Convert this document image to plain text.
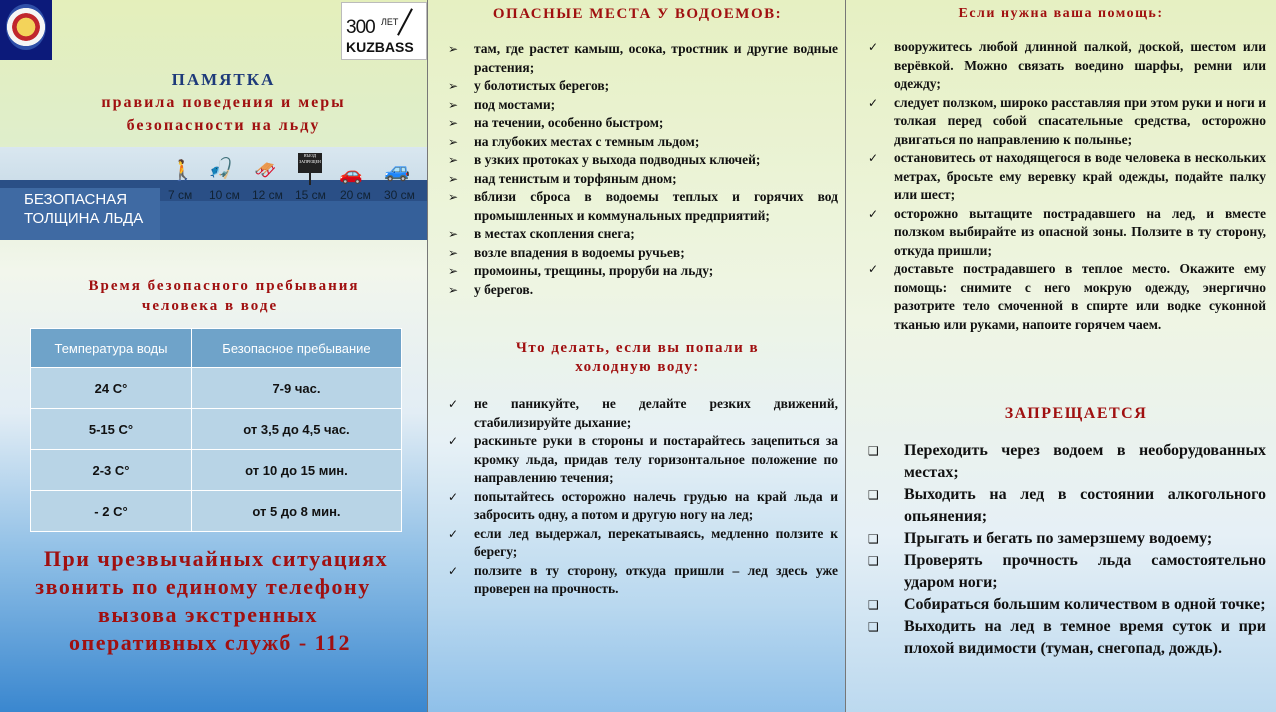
300 ЛЕТ
KUZBASS
ПАМЯТКА
правила поведения и меры
безопасности на льду
БЕЗОПАСНАЯ
ТОЛЩИНА ЛЬДА
🚶 🎣 🛷
ВЪЕЗД ЗАПРЕЩЕН
🚗 🚙
7 см 10 см 12 см 15 см 20 см 30 см
Время безопасного пребывания
человека в воде
Температура воды	Безопасное пребывание
24 C°	7-9 час.
5-15 C°	от 3,5 до 4,5 час.
2-3 C°	от 10 до 15 мин.
- 2 C°	от 5 до 8 мин.
При чрезвычайных ситуациях
звонить по единому телефону
вызова экстренных
оперативных служб - 112
ОПАСНЫЕ МЕСТА У ВОДОЕМОВ:
➢ там, где растет камыш, осока, тростник и другие водные растения;
➢ у болотистых берегов;
➢ под мостами;
➢ на течении, особенно быстром;
➢ на глубоких местах с темным льдом;
➢ в узких протоках у выхода подводных ключей;
➢ над тенистым и торфяным дном;
➢ вблизи сброса в водоемы теплых и горячих вод промышленных и коммунальных предприятий;
➢ в местах скопления снега;
➢ возле впадения в водоемы ручьев;
➢ промоины, трещины, проруби на льду;
➢ у берегов.
Что делать, если вы попали в
холодную воду:
✓ не паникуйте, не делайте резких движений, стабилизируйте дыхание;
✓ раскиньте руки в стороны и постарайтесь зацепиться за кромку льда, придав телу горизонтальное положение по направлению течения;
✓ попытайтесь осторожно налечь грудью на край льда и забросить одну, а потом и другую ногу на лед;
✓ если лед выдержал, перекатываясь, медленно ползите к берегу;
✓ ползите в ту сторону, откуда пришли – лед здесь уже проверен на прочность.
Если нужна ваша помощь:
✓ вооружитесь любой длинной палкой, доской, шестом или верёвкой. Можно связать воедино шарфы, ремни или одежду;
✓ следует ползком, широко расставляя при этом руки и ноги и толкая перед собой спасательные средства, осторожно двигаться по направлению к полынье;
✓ остановитесь от находящегося в воде человека в нескольких метрах, бросьте ему веревку край одежды, подайте палку или шест;
✓ осторожно вытащите пострадавшего на лед, и вместе ползком выбирайте из опасной зоны. Ползите в ту сторону, откуда пришли;
✓ доставьте пострадавшего в теплое место. Окажите ему помощь: снимите с него мокрую одежду, энергично разотрите тело смоченной в спирте или водке суконной тканью или руками, напоите горячем чаем.
ЗАПРЕЩАЕТСЯ
❑ Переходить через водоем в необорудованных местах;
❑ Выходить на лед в состоянии алкогольного опьянения;
❑ Прыгать и бегать по замерзшему водоему;
❑ Проверять прочность льда самостоятельно ударом ноги;
❑ Собираться большим количеством в одной точке;
❑ Выходить на лед в темное время суток и при плохой видимости (туман, снегопад, дождь).
